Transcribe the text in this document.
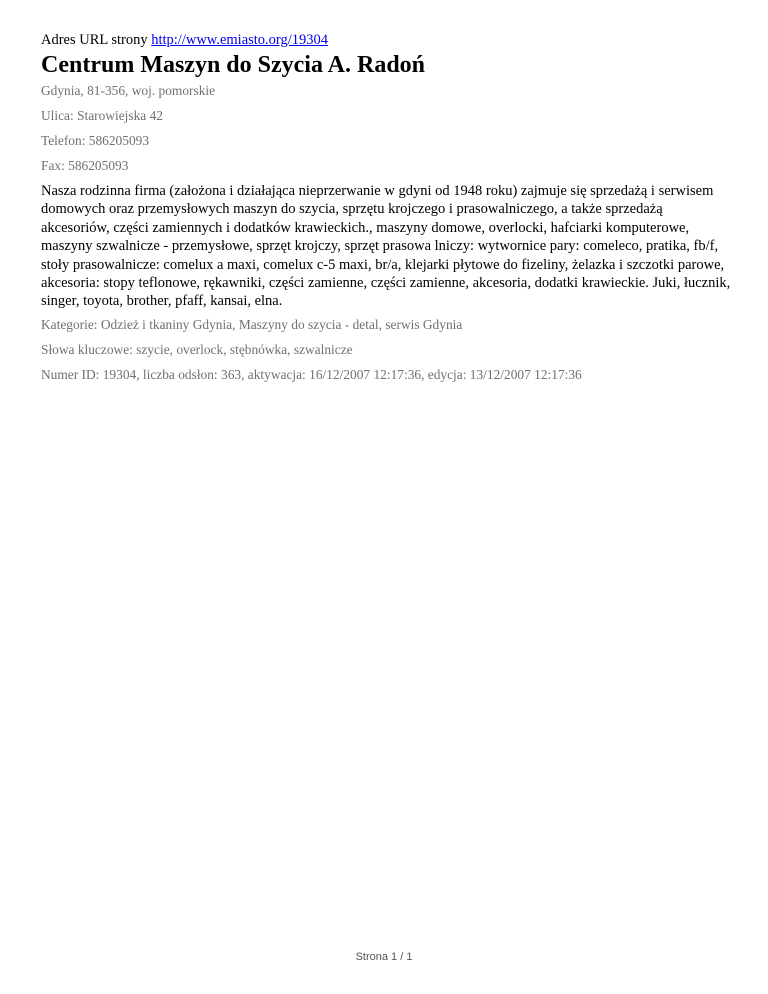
Adres URL strony http://www.emiasto.org/19304

Centrum Maszyn do Szycia A. Radoń

Gdynia, 81-356, woj. pomorskie

Ulica: Starowiejska 42

Telefon: 586205093

Fax: 586205093

Nasza rodzinna firma (założona i działająca nieprzerwanie w gdyni od 1948 roku) zajmuje się sprzedażą i serwisem domowych oraz przemysłowych maszyn do szycia, sprzętu krojczego i prasowalniczego, a także sprzedażą akcesoriów, części zamiennych i dodatków krawieckich., maszyny domowe, overlocki, hafciarki komputerowe, maszyny szwalnicze - przemysłowe, sprzęt krojczy, sprzęt prasowa lniczy: wytwornice pary: comeleco, pratika, fb/f, stoły prasowalnicze: comelux a maxi, comelux c-5 maxi, br/a, klejarki płytowe do fizeliny, żelazka i szczotki parowe, akcesoria: stopy teflonowe, rękawniki, części zamienne, części zamienne, akcesoria, dodatki krawieckie. Juki, łucznik, singer, toyota, brother, pfaff, kansai, elna.

Kategorie: Odzież i tkaniny Gdynia, Maszyny do szycia - detal, serwis Gdynia

Słowa kluczowe: szycie, overlock, stębnówka, szwalnicze

Numer ID: 19304, liczba odsłon: 363, aktywacja: 16/12/2007 12:17:36, edycja: 13/12/2007 12:17:36

Strona 1 / 1
